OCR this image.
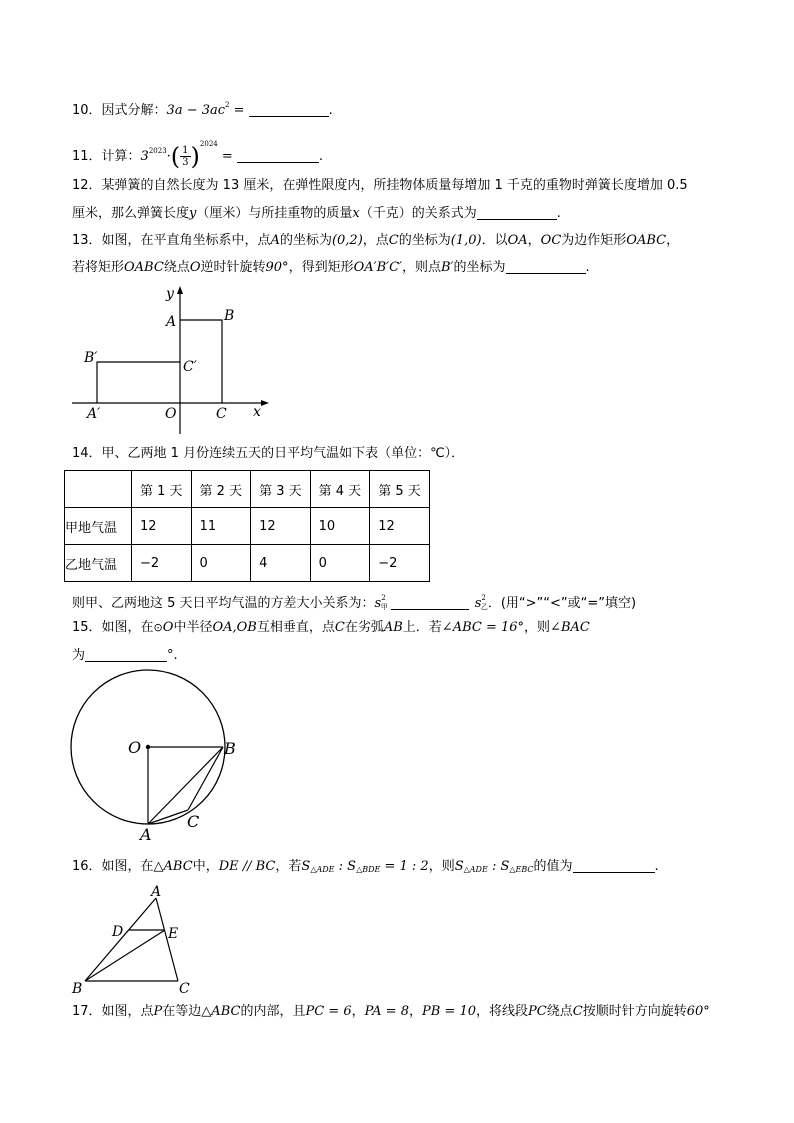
10．因式分解：$3a - 3ac^2$ =	.
11．计算：$3^{2023}\cdot( \frac{1}{3} )^{2024}$ =	.
12．某弹簧的自然长度为 13 厘米，在弹性限度内，所挂物体质量每增加 1 千克的重物时弹簧长度增加 0.5
厘米，那么弹簧长度y（厘米）与所挂重物的质量x（千克）的关系式为	.
13．如图，在平直角坐标系中，点A的坐标为(0,2)，点C的坐标为(1,0)．以OA，OC为边作矩形OABC，
若将矩形OABC绕点O逆时针旋转90°，得到矩形OA′B′C′，则点B′的坐标为	.
y
A	B
B′
C′
A′	O	C x
14．甲、乙两地 1 月份连续五天的日平均气温如下表（单位：℃）．
	第 1 天	第 2 天	第 3 天	第 4 天	第 5 天
甲地气温	12	11	12	10	12
乙地气温	−2	0	4	0	−2
则甲、乙两地这 5 天日平均气温的方差大小关系为：$s^2$甲	$s^2$乙．(用“>”“<”或“=”填空)
15．如图，在⊙O中半径OA,OB互相垂直，点C在劣弧AB上．若∠ABC = 16°，则∠BAC
为	°.
O	B
A
C
16．如图，在△ABC中，DE // BC，若S△ADE : S△BDE = 1 : 2，则S△ADE : S△EBC的值为	.
A
D	E
B	C
17．如图，点P在等边△ABC的内部，且PC = 6，PA = 8，PB = 10，将线段PC绕点C按顺时针方向旋转60°
